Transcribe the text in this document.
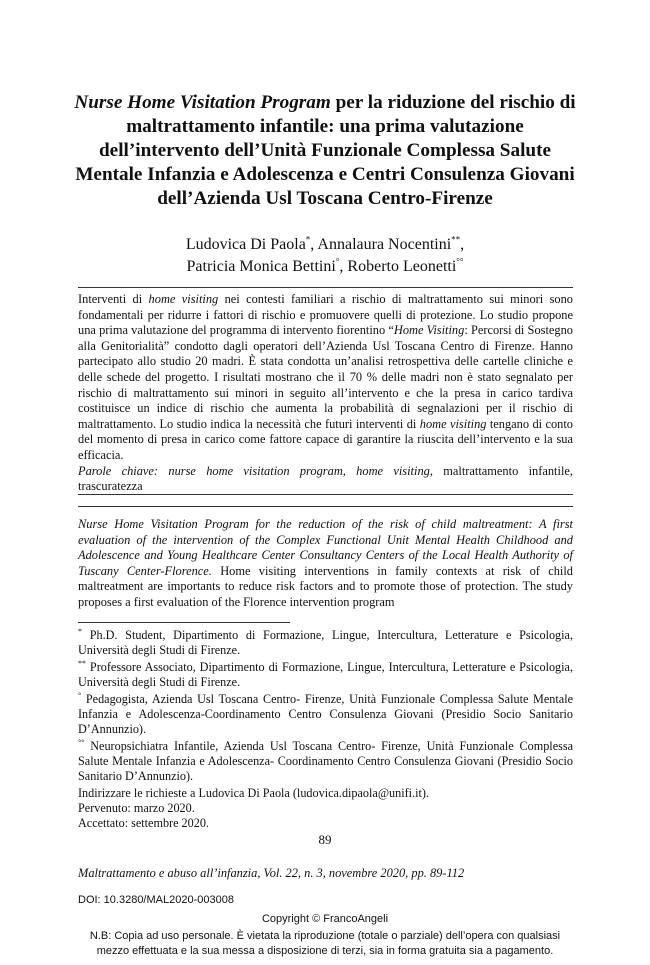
Nurse Home Visitation Program per la riduzione del rischio di maltrattamento infantile: una prima valutazione dell’intervento dell’Unità Funzionale Complessa Salute Mentale Infanzia e Adolescenza e Centri Consulenza Giovani dell’Azienda Usl Toscana Centro-Firenze
Ludovica Di Paola*, Annalaura Nocentini**,
Patricia Monica Bettini°, Roberto Leonetti°°

Interventi di home visiting nei contesti familiari a rischio di maltrattamento sui minori sono fondamentali per ridurre i fattori di rischio e promuovere quelli di protezione. Lo studio propone una prima valutazione del programma di intervento fiorentino “Home Visiting: Percorsi di Sostegno alla Genitorialità” condotto dagli operatori dell’Azienda Usl Toscana Centro di Firenze. Hanno partecipato allo studio 20 madri. È stata condotta un’analisi retrospettiva delle cartelle cliniche e delle schede del progetto. I risultati mostrano che il 70 % delle madri non è stato segnalato per rischio di maltrattamento sui minori in seguito all’intervento e che la presa in carico tardiva costituisce un indice di rischio che aumenta la probabilità di segnalazioni per il rischio di maltrattamento. Lo studio indica la necessità che futuri interventi di home visiting tengano di conto del momento di presa in carico come fattore capace di garantire la riuscita dell’intervento e la sua efficacia.

Parole chiave: nurse home visitation program, home visiting, maltrattamento infantile, trascuratezza

Nurse Home Visitation Program for the reduction of the risk of child maltreatment: A first evaluation of the intervention of the Complex Functional Unit Mental Health Childhood and Adolescence and Young Healthcare Center Consultancy Centers of the Local Health Authority of Tuscany Center-Florence. Home visiting interventions in family contexts at risk of child maltreatment are importants to reduce risk factors and to promote those of protection. The study proposes a first evaluation of the Florence intervention program

* Ph.D. Student, Dipartimento di Formazione, Lingue, Intercultura, Letterature e Psicologia, Università degli Studi di Firenze.

** Professore Associato, Dipartimento di Formazione, Lingue, Intercultura, Letterature e Psicologia, Università degli Studi di Firenze.

° Pedagogista, Azienda Usl Toscana Centro- Firenze, Unità Funzionale Complessa Salute Mentale Infanzia e Adolescenza-Coordinamento Centro Consulenza Giovani (Presidio Socio Sanitario D’Annunzio).

°° Neuropsichiatra Infantile, Azienda Usl Toscana Centro- Firenze, Unità Funzionale Complessa Salute Mentale Infanzia e Adolescenza- Coordinamento Centro Consulenza Giovani (Presidio Socio Sanitario D’Annunzio).

Indirizzare le richieste a Ludovica Di Paola (ludovica.dipaola@unifi.it).

Pervenuto: marzo 2020.

Accettato: settembre 2020.

89
Maltrattamento e abuso all’infanzia, Vol. 22, n. 3, novembre 2020, pp. 89-112
DOI: 10.3280/MAL2020-003008
Copyright © FrancoAngeli
N.B: Copia ad uso personale. È vietata la riproduzione (totale o parziale) dell’opera con qualsiasi
mezzo effettuata e la sua messa a disposizione di terzi, sia in forma gratuita sia a pagamento.
